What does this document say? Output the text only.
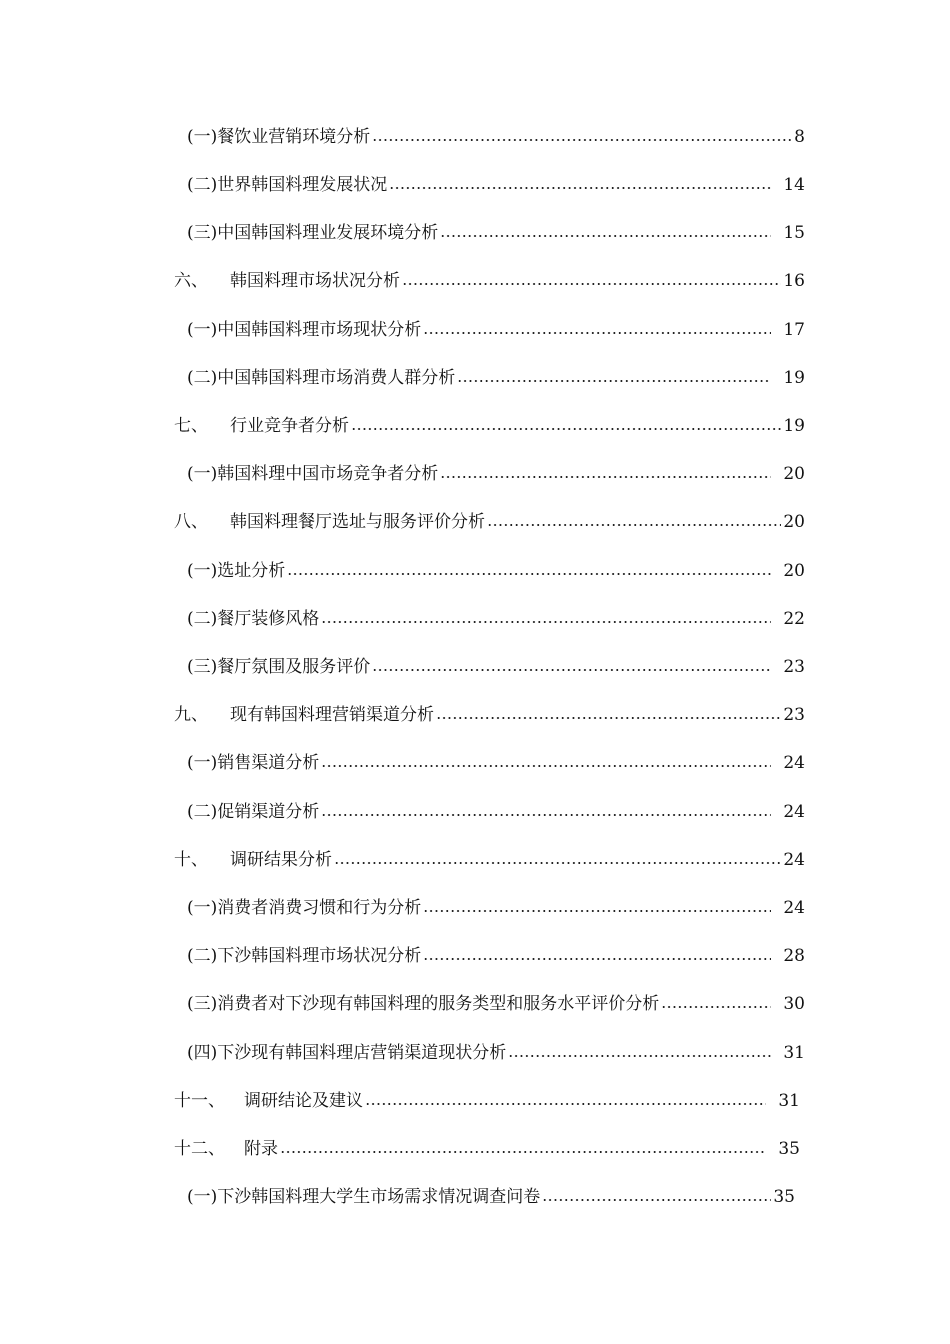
(一) 餐饮业营销环境分析	8
(二) 世界韩国料理发展状况	14
(三) 中国韩国料理业发展环境分析	15
六、	韩国料理市场状况分析	16
(一) 中国韩国料理市场现状分析	17
(二) 中国韩国料理市场消费人群分析	19
七、	行业竞争者分析	19
(一) 韩国料理中国市场竞争者分析	20
八、	韩国料理餐厅选址与服务评价分析	20
(一) 选址分析	20
(二) 餐厅装修风格	22
(三) 餐厅氛围及服务评价	23
九、	现有韩国料理营销渠道分析	23
(一) 销售渠道分析	24
(二) 促销渠道分析	24
十、	调研结果分析	24
(一) 消费者消费习惯和行为分析	24
(二) 下沙韩国料理市场状况分析	28
(三) 消费者对下沙现有韩国料理的服务类型和服务水平评价分析	30
(四) 下沙现有韩国料理店营销渠道现状分析	31
十一、	调研结论及建议	31
十二、	附录	35
(一) 下沙韩国料理大学生市场需求情况调查问卷	35
